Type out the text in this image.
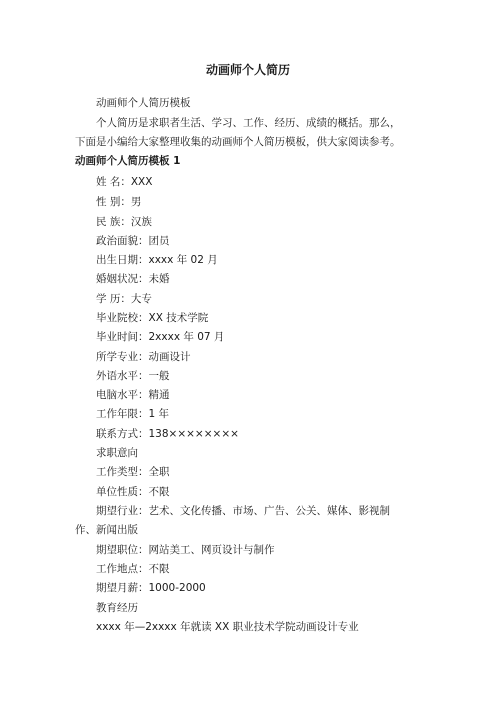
动画师个人简历
动画师个人简历模板
个人简历是求职者生活、学习、工作、经历、成绩的概括。那么，
下面是小编给大家整理收集的动画师个人简历模板，供大家阅读参考。
动画师个人简历模板 1
姓 名：XXX
性 别：男
民 族：汉族
政治面貌：团员
出生日期：xxxx 年 02 月
婚姻状况：未婚
学 历：大专
毕业院校：XX 技术学院
毕业时间：2xxxx 年 07 月
所学专业：动画设计
外语水平：一般
电脑水平：精通
工作年限：1 年
联系方式：138××××××××
求职意向
工作类型：全职
单位性质：不限
期望行业：艺术、文化传播、市场、广告、公关、媒体、影视制
作、新闻出版
期望职位：网站美工、网页设计与制作
工作地点：不限
期望月薪：1000-2000
教育经历
xxxx 年—2xxxx 年就读 XX 职业技术学院动画设计专业
